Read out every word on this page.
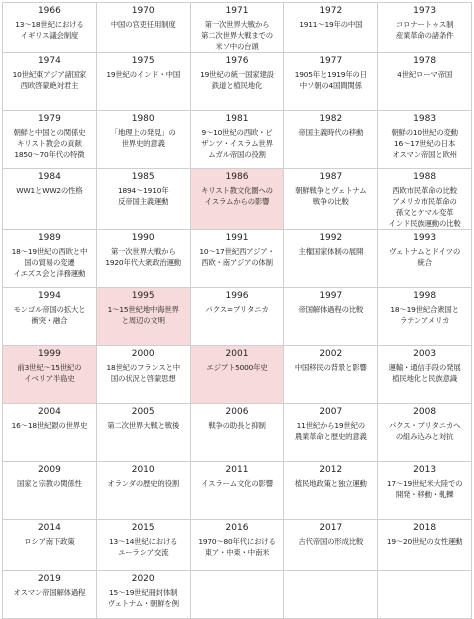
1966
13～18世紀における
イギリス議会制度	1970
中国の官吏任用制度	1971
第一次世界大戦から
第二次世界大戦までの
米ソ中の台頭	1972
1911～19年の中国	1973
コロナートゥス制
産業革命の諸条件

1974
10世紀東アジア諸国家
西欧啓蒙絶対君主	1975
19世紀のインド・中国	1976
19世紀の統一国家建設
鉄道と植民地化	1977
1905年と1919年の日
中ソ朝の4国間関係	1978
4世紀ローマ帝国

1979
朝鮮と中国との関係史
キリスト教会の貢献
1850～70年代の特徴	1980
「地理上の発見」の
世界史的意義	1981
9～10世紀の西欧・ビ
ザンツ・イスラム世界
ムガル帝国の役割	1982
帝国主義時代の移動	1983
朝鮮の10世紀の変動
16～17世紀の日本
オスマン帝国と欧州

1984
WW1とWW2の性格	1985
1894～1910年
反帝国主義運動	1986
キリスト教文化圏への
イスラムからの影響	1987
朝鮮戦争とヴェトナム
戦争の比較	1988
西欧市民革命の比較
アメリカ市民革命の
孫文とケマル変革
インド民族運動の比較

1989
18～19世紀の西欧と中
国の貿易の変遷
イエズス会と洋務運動	1990
第一次世界大戦から
1920年代大衆政治運動	1991
10～17世紀西アジア・
西欧・南アジアの体制	1992
主権国家体制の展開	1993
ヴェトナムとドイツの
統合

1994
モンゴル帝国の拡大と
衝突・融合	1995
1～15世紀地中海世界
と周辺の文明	1996
パクス=ブリタニカ	1997
帝国解体過程の比較	1998
18～19世紀合衆国と
ラテンアメリカ

1999
前3世紀～15世紀の
イベリア半島史	2000
18世紀のフランスと中
国の状況と啓蒙思想	2001
エジプト5000年史	2002
中国移民の背景と影響	2003
運輸・通信手段の発展
植民地化と民族意識

2004
16～18世紀銀の世界史	2005
第二次世界大戦と戦後	2006
戦争の助長と抑制	2007
11世紀から19世紀の
農業革命と歴史的意義	2008
パクス・ブリタニカへ
の組み込みと対抗

2009
国家と宗教の関係性	2010
オランダの歴史的役割	2011
イスラーム文化の影響	2012
植民地政策と独立運動	2013
17～19世紀米大陸での
開発・移動・軋轢

2014
ロシア南下政策	2015
13～14世紀における
ユーラシア交流	2016
1970～80年代における
東ア・中東・中南米	2017
古代帝国の形成比較	2018
19～20世紀の女性運動

2019
オスマン帝国解体過程	2020
15～19世紀冊封体制
ヴェトナム・朝鮮を例			
